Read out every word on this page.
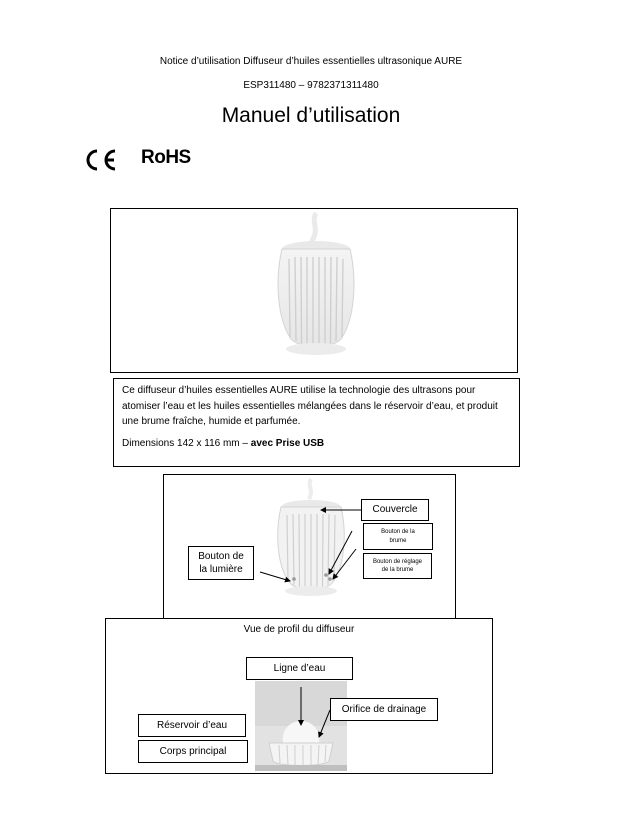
Notice d’utilisation Diffuseur d’huiles essentielles ultrasonique AURE
ESP311480 – 9782371311480
Manuel d’utilisation
RoHS
Ce diffuseur d’huiles essentielles AURE utilise la technologie des ultrasons pour atomiser l’eau et les huiles essentielles mélangées dans le réservoir d’eau, et produit une brume fraîche, humide et parfumée.
Dimensions 142 x 116 mm – avec Prise USB
Couvercle
Bouton de la brume
Bouton de réglage de la brume
Bouton de la lumière
Vue de profil du diffuseur
Ligne d’eau
Orifice de drainage
Réservoir d’eau
Corps principal
